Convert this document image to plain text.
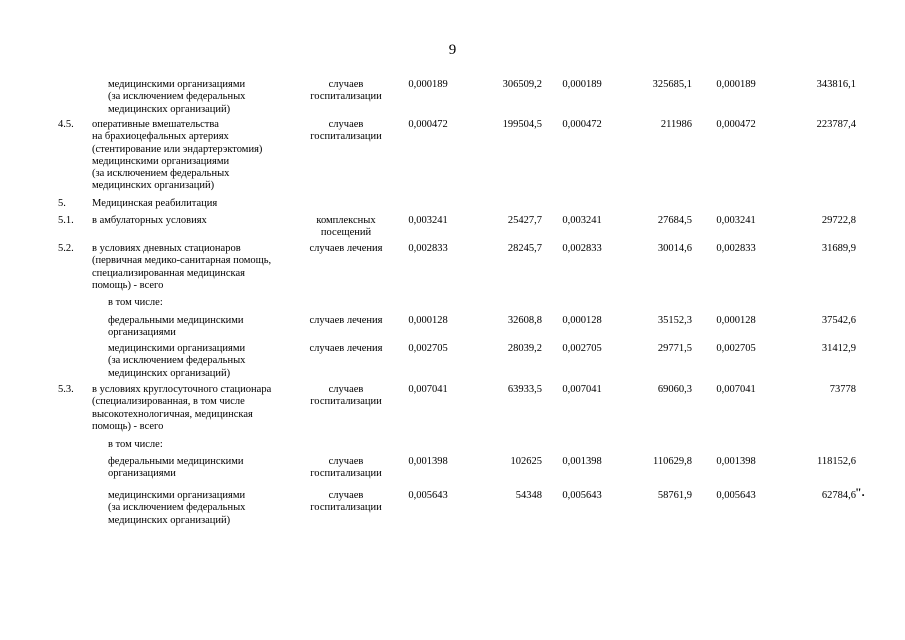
9
медицинскими организациями
(за исключением федеральных
медицинских организаций)
случаев
госпитализации
0,000189	306509,2	0,000189	325685,1	0,000189	343816,1
4.5. оперативные вмешательства
на брахиоцефальных артериях
(стентирование или эндартерэктомия)
медицинскими организациями
(за исключением федеральных
медицинских организаций)
случаев
госпитализации
0,000472	199504,5	0,000472	211986	0,000472	223787,4
5. Медицинская реабилитация
5.1. в амбулаторных условиях	комплексных
посещений
0,003241	25427,7	0,003241	27684,5	0,003241	29722,8
5.2. в условиях дневных стационаров
(первичная медико-санитарная помощь,
специализированная медицинская
помощь) - всего
случаев лечения	0,002833	28245,7	0,002833	30014,6	0,002833	31689,9
в том числе:
федеральными медицинскими
организациями
случаев лечения	0,000128	32608,8	0,000128	35152,3	0,000128	37542,6
медицинскими организациями
(за исключением федеральных
медицинских организаций)
случаев лечения	0,002705	28039,2	0,002705	29771,5	0,002705	31412,9
5.3. в условиях круглосуточного стационара
(специализированная, в том числе
высокотехнологичная, медицинская
помощь) - всего
случаев
госпитализации
0,007041	63933,5	0,007041	69060,3	0,007041	73778
в том числе:
федеральными медицинскими
организациями
случаев
госпитализации
0,001398	102625	0,001398	110629,8	0,001398	118152,6
медицинскими организациями
(за исключением федеральных
медицинских организаций)
случаев
госпитализации
0,005643	54348	0,005643	58761,9	0,005643	62784,6 ".
